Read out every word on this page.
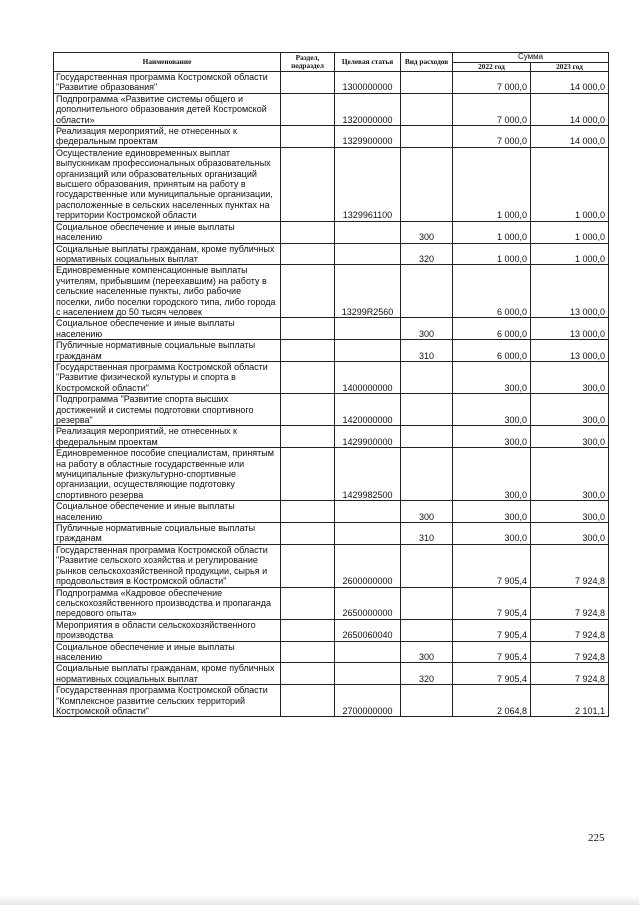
Наименование	Раздел, подраздел	Целевая статья	Вид расходов	Сумма	
				2022 год	2023 год
Государственная программа Костромской области "Развитие образования"		1300000000		7 000,0	14 000,0
Подпрограмма «Развитие системы общего и дополнительного образования детей Костромской области»		1320000000		7 000,0	14 000,0
Реализация мероприятий, не отнесенных к федеральным проектам		1329900000		7 000,0	14 000,0
Осуществление единовременных выплат выпускникам профессиональных образовательных организаций или образовательных организаций высшего образования, принятым на работу в государственные или муниципальные организации, расположенные в сельских населенных пунктах на территории Костромской области		1329961100		1 000,0	1 000,0
Социальное обеспечение и иные выплаты населению			300	1 000,0	1 000,0
Социальные выплаты гражданам, кроме публичных нормативных социальных выплат			320	1 000,0	1 000,0
Единовременные компенсационные выплаты учителям, прибывшим (переехавшим) на работу в сельские населенные пункты, либо рабочие поселки, либо поселки городского типа, либо города с населением до 50 тысяч человек		13299R2560		6 000,0	13 000,0
Социальное обеспечение и иные выплаты населению			300	6 000,0	13 000,0
Публичные нормативные социальные выплаты гражданам			310	6 000,0	13 000,0
Государственная программа Костромской области "Развитие физической культуры и спорта в Костромской области"		1400000000		300,0	300,0
Подпрограмма "Развитие спорта высших достижений и системы подготовки спортивного резерва"		1420000000		300,0	300,0
Реализация мероприятий, не отнесенных к федеральным проектам		1429900000		300,0	300,0
Единовременное пособие специалистам, принятым на работу в областные государственные или муниципальные физкультурно-спортивные организации, осуществляющие подготовку спортивного резерва		1429982500		300,0	300,0
Социальное обеспечение и иные выплаты населению			300	300,0	300,0
Публичные нормативные социальные выплаты гражданам			310	300,0	300,0
Государственная программа Костромской области "Развитие сельского хозяйства и регулирование рынков сельскохозяйственной продукции, сырья и продовольствия в Костромской области"		2600000000		7 905,4	7 924,8
Подпрограмма «Кадровое обеспечение сельскохозяйственного производства и пропаганда передового опыта»		2650000000		7 905,4	7 924,8
Мероприятия в области сельскохозяйственного производства		2650060040		7 905,4	7 924,8
Социальное обеспечение и иные выплаты населению			300	7 905,4	7 924,8
Социальные выплаты гражданам, кроме публичных нормативных социальных выплат			320	7 905,4	7 924,8
Государственная программа Костромской области "Комплексное развитие сельских территорий Костромской области"		2700000000		2 064,8	2 101,1
225
